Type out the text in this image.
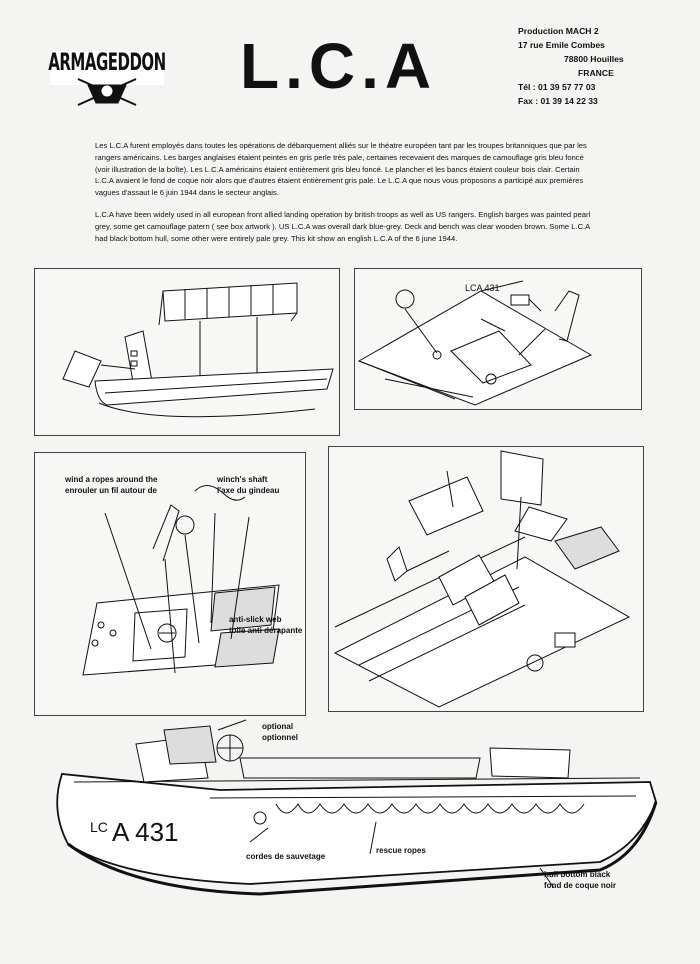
ARMAGEDDON L.C.A	Production MACH 2
17 rue Emile Combes
78800 Houilles
FRANCE
Tél : 01 39 57 77 03
Fax : 01 39 14 22 33

Les L.C.A furent employés dans toutes les opérations de débarquement alliés sur le théatre européen tant par les troupes britanniques que par les rangers américains. Les barges anglaises étaient peintes en gris perle très pale, certaines recevaient des marques de camouflage gris bleu foncé (voir illustration de la boîte). Les L.C.A américains étaient entièrement gris bleu foncé. Le plancher et les bancs étaient couleur bois clair. Certain L.C.A avaient le fond de coque noir alors que d'autres étaient entièrement gris pale. Le L.C.A que nous vous proposons a participé aux premières vagues d'assaut le 6 juin 1944 dans le secteur anglais.

L.C.A have been widely used in all european front allied landing operation by british troops as well as US rangers. English barges was painted pearl grey, some get camouflage patern ( see box artwork ). US L.C.A was overall dark blue-grey. Deck and bench was clear wooden brown. Some L.C.A had black bottom hull, some other were entirely pale grey. This kit show an english L.C.A of the 6 june 1944.

LCA 431
wind a ropes around the
enrouler un fil autour de
winch's shaft
l'axe du gindeau
anti-slick web
toile anti dérapante
optional
optionnel
LC A 431
cordes de sauvetage
rescue ropes
hull bottom black
fond de coque noir
